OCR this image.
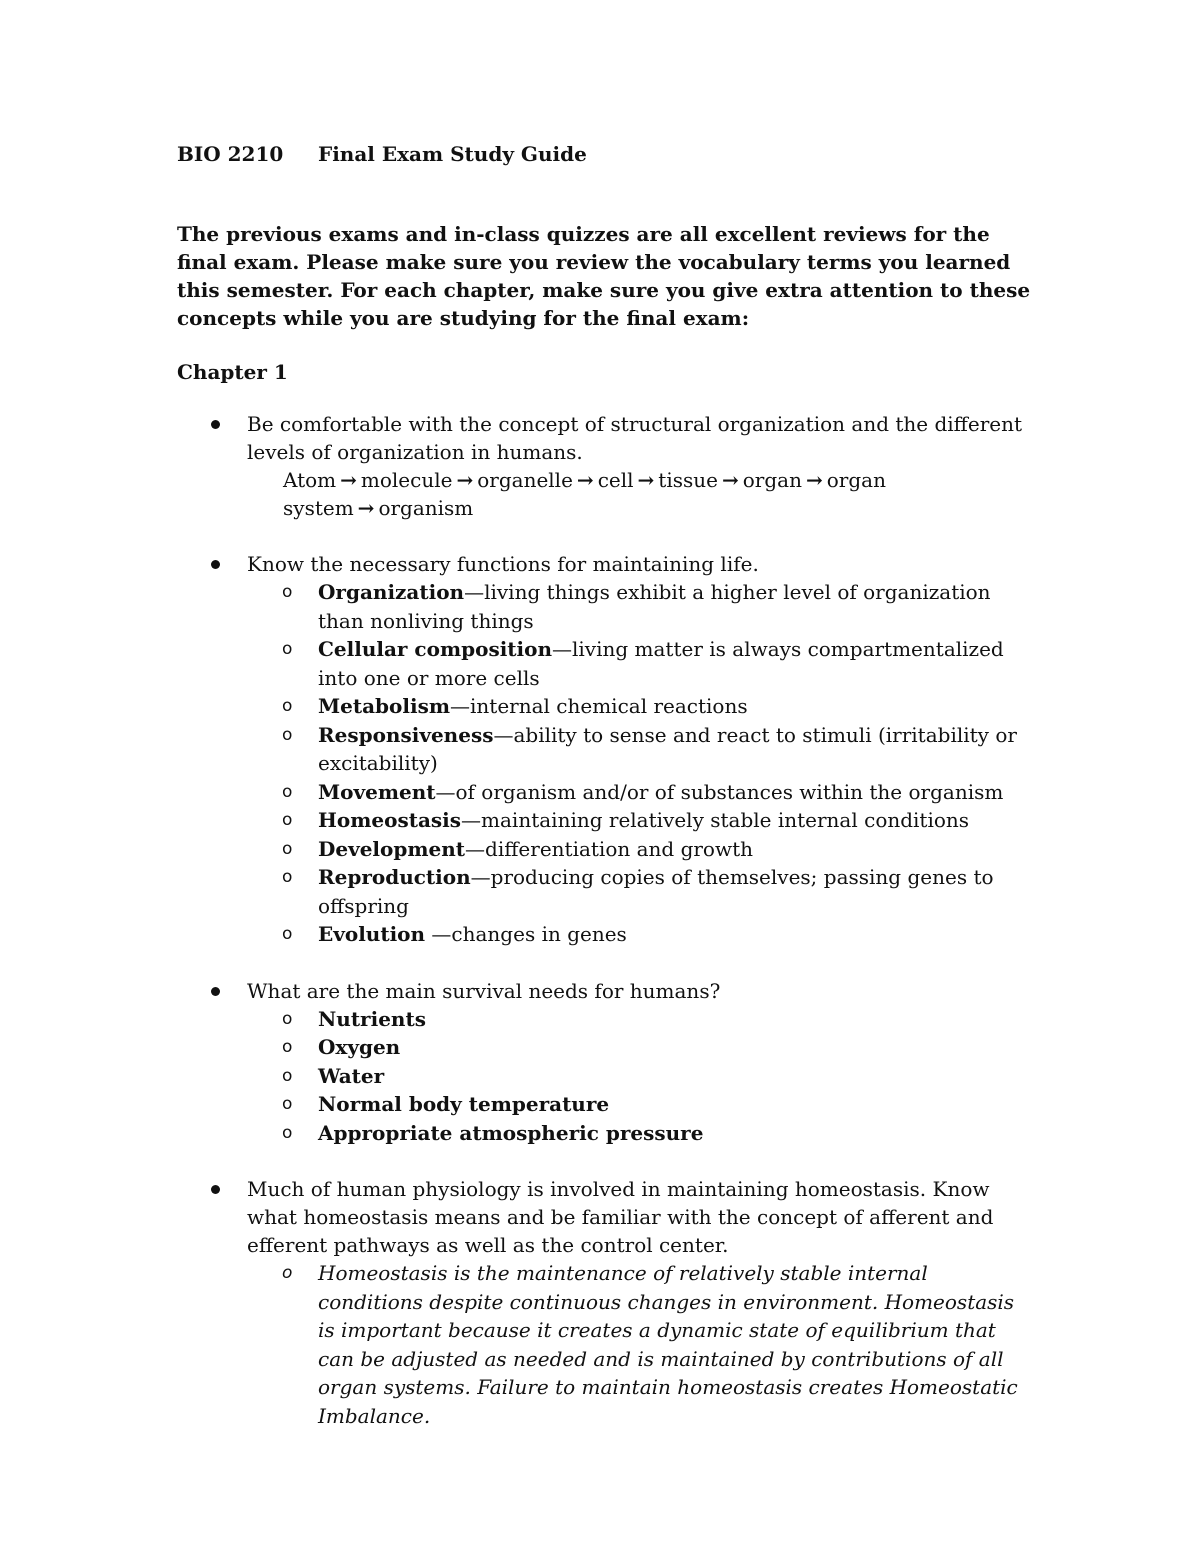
BIO 2210 Final Exam Study Guide
The previous exams and in-class quizzes are all excellent reviews for the final exam. Please make sure you review the vocabulary terms you learned this semester. For each chapter, make sure you give extra attention to these concepts while you are studying for the final exam:
Chapter 1
Be comfortable with the concept of structural organization and the different levels of organization in humans.
Atom → molecule → organelle → cell → tissue → organ → organ system → organism
Know the necessary functions for maintaining life.
o Organization—living things exhibit a higher level of organization than nonliving things
o Cellular composition—living matter is always compartmentalized into one or more cells
o Metabolism—internal chemical reactions
o Responsiveness—ability to sense and react to stimuli (irritability or excitability)
o Movement—of organism and/or of substances within the organism
o Homeostasis—maintaining relatively stable internal conditions
o Development—differentiation and growth
o Reproduction—producing copies of themselves; passing genes to offspring
o Evolution —changes in genes
What are the main survival needs for humans?
o Nutrients
o Oxygen
o Water
o Normal body temperature
o Appropriate atmospheric pressure
Much of human physiology is involved in maintaining homeostasis. Know what homeostasis means and be familiar with the concept of afferent and efferent pathways as well as the control center.
o Homeostasis is the maintenance of relatively stable internal conditions despite continuous changes in environment. Homeostasis is important because it creates a dynamic state of equilibrium that can be adjusted as needed and is maintained by contributions of all organ systems. Failure to maintain homeostasis creates Homeostatic Imbalance.
